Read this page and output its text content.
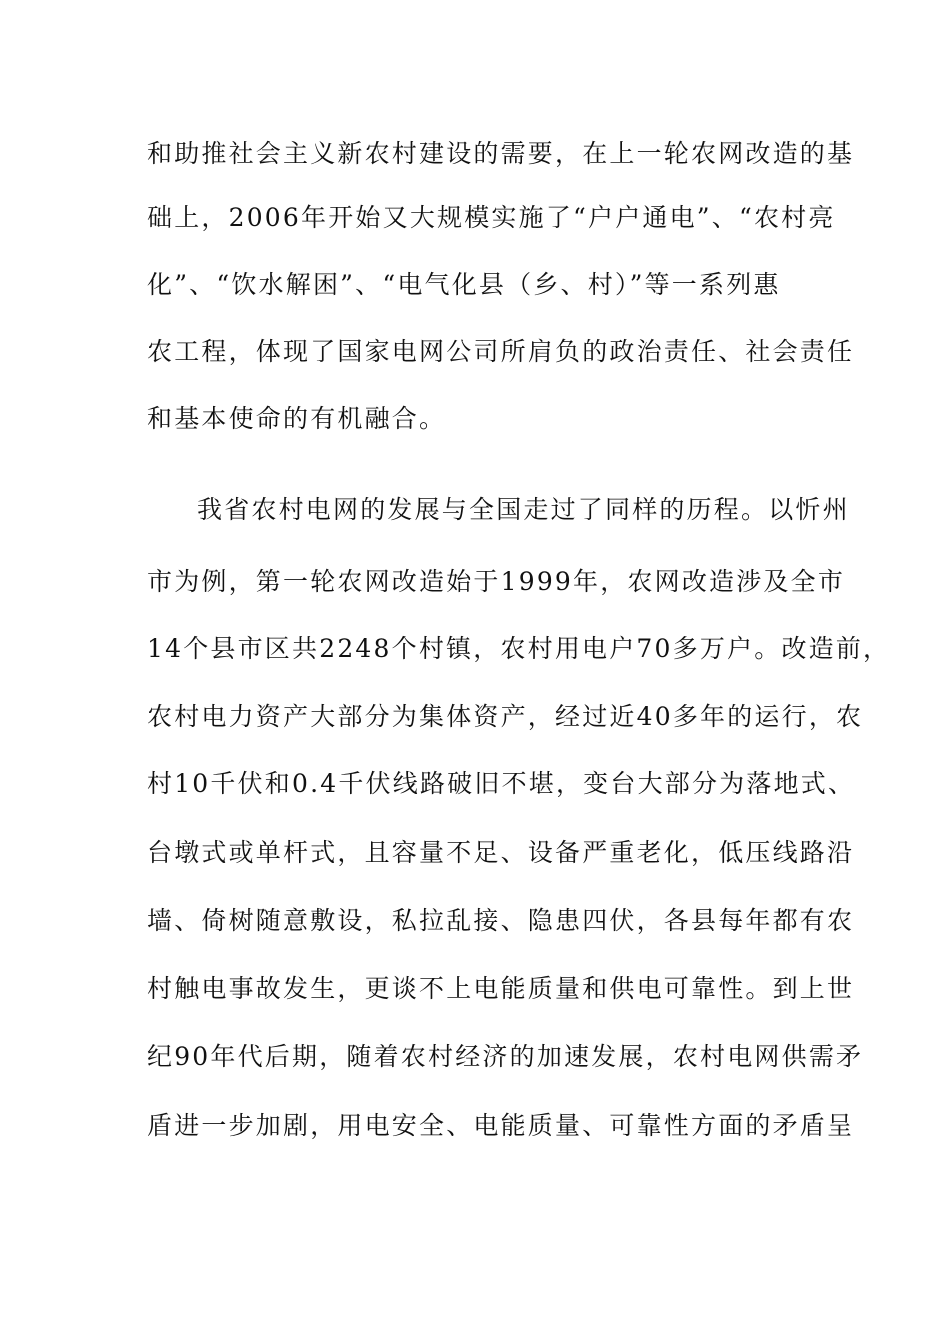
和助推社会主义新农村建设的需要，在上一轮农网改造的基
础上，2006年开始又大规模实施了“户户通电”、“农村亮
化”、“饮水解困”、“电气化县（乡、村）”等一系列惠
农工程，体现了国家电网公司所肩负的政治责任、社会责任
和基本使命的有机融合。
我省农村电网的发展与全国走过了同样的历程。以忻州
市为例，第一轮农网改造始于1999年，农网改造涉及全市
14个县市区共2248个村镇，农村用电户70多万户。改造前，
农村电力资产大部分为集体资产，经过近40多年的运行，农
村10千伏和0.4千伏线路破旧不堪，变台大部分为落地式、
台墩式或单杆式，且容量不足、设备严重老化，低压线路沿
墙、倚树随意敷设，私拉乱接、隐患四伏，各县每年都有农
村触电事故发生，更谈不上电能质量和供电可靠性。到上世
纪90年代后期，随着农村经济的加速发展，农村电网供需矛
盾进一步加剧，用电安全、电能质量、可靠性方面的矛盾呈
